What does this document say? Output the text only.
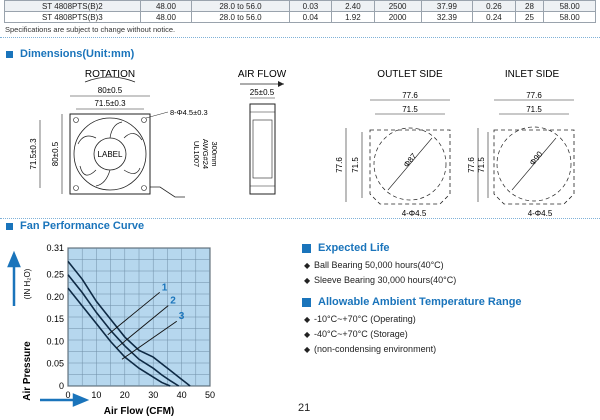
ST 4808PTS(B)2	48.00	28.0 to 56.0	0.03	2.40	2500	37.99	0.26	28	58.00
ST 4808PTS(B)3	48.00	28.0 to 56.0	0.04	1.92	2000	32.39	0.24	25	58.00
Specifications are subject to change without notice.
Dimensions(Unit:mm)
ROTATION
80±0.5
71.5±0.3
LABEL
8-Φ4.5±0.3
80±0.5
71.5±0.3	UL1007 AWG#24 300mm
AIR FLOW
25±0.5
OUTLET SIDE
77.6
71.5
Φ87
77.6 71.5
4-Φ4.5
INLET SIDE
77.6
71.5
Φ90
77.6 71.5
4-Φ4.5
Fan Performance Curve
0.31
0.25
0.20
0.15
0.10
0.05
0
0 10 20 30 40 50
1
2
3
Air Pressure
(IN H₂O)
Air Flow (CFM)
Expected Life
◆ Ball Bearing 50,000 hours(40°C)
◆ Sleeve Bearing 30,000 hours(40°C)
Allowable Ambient Temperature Range
◆ -10°C~+70°C (Operating)
◆ -40°C~+70°C (Storage)
◆ (non-condensing environment)
21
